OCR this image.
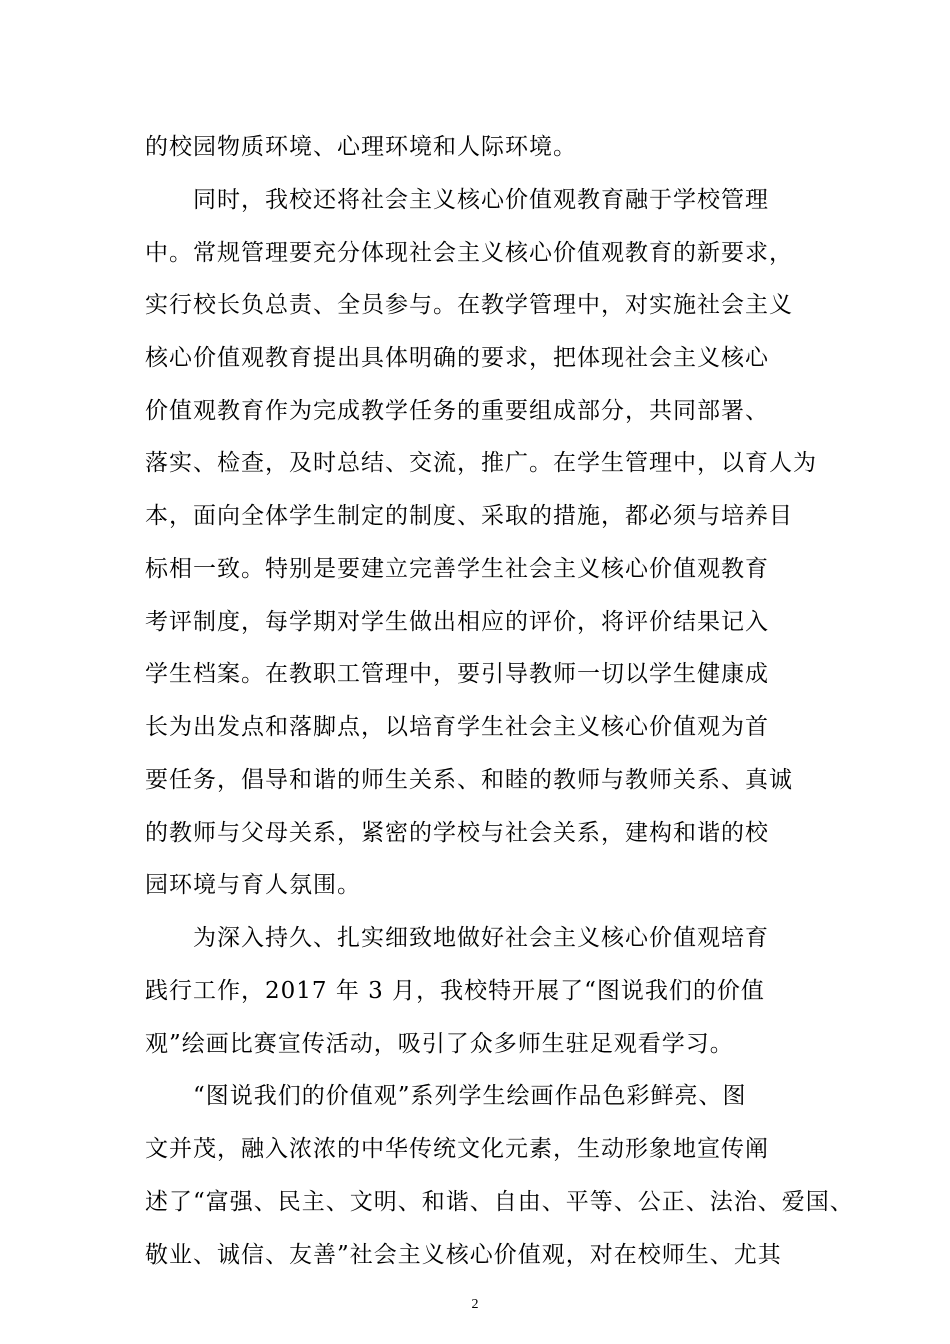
的校园物质环境、心理环境和人际环境。
同时，我校还将社会主义核心价值观教育融于学校管理
中。常规管理要充分体现社会主义核心价值观教育的新要求，
实行校长负总责、全员参与。在教学管理中，对实施社会主义
核心价值观教育提出具体明确的要求，把体现社会主义核心
价值观教育作为完成教学任务的重要组成部分，共同部署、
落实、检查，及时总结、交流，推广。在学生管理中，以育人为
本，面向全体学生制定的制度、采取的措施，都必须与培养目
标相一致。特别是要建立完善学生社会主义核心价值观教育
考评制度，每学期对学生做出相应的评价，将评价结果记入
学生档案。在教职工管理中，要引导教师一切以学生健康成
长为出发点和落脚点，以培育学生社会主义核心价值观为首
要任务，倡导和谐的师生关系、和睦的教师与教师关系、真诚
的教师与父母关系，紧密的学校与社会关系，建构和谐的校
园环境与育人氛围。
为深入持久、扎实细致地做好社会主义核心价值观培育
践行工作，2017 年 3 月，我校特开展了“图说我们的价值
观”绘画比赛宣传活动，吸引了众多师生驻足观看学习。
“图说我们的价值观”系列学生绘画作品色彩鲜亮、图
文并茂，融入浓浓的中华传统文化元素，生动形象地宣传阐
述了“富强、民主、文明、和谐、自由、平等、公正、法治、爱国、
敬业、诚信、友善”社会主义核心价值观，对在校师生、尤其
2
